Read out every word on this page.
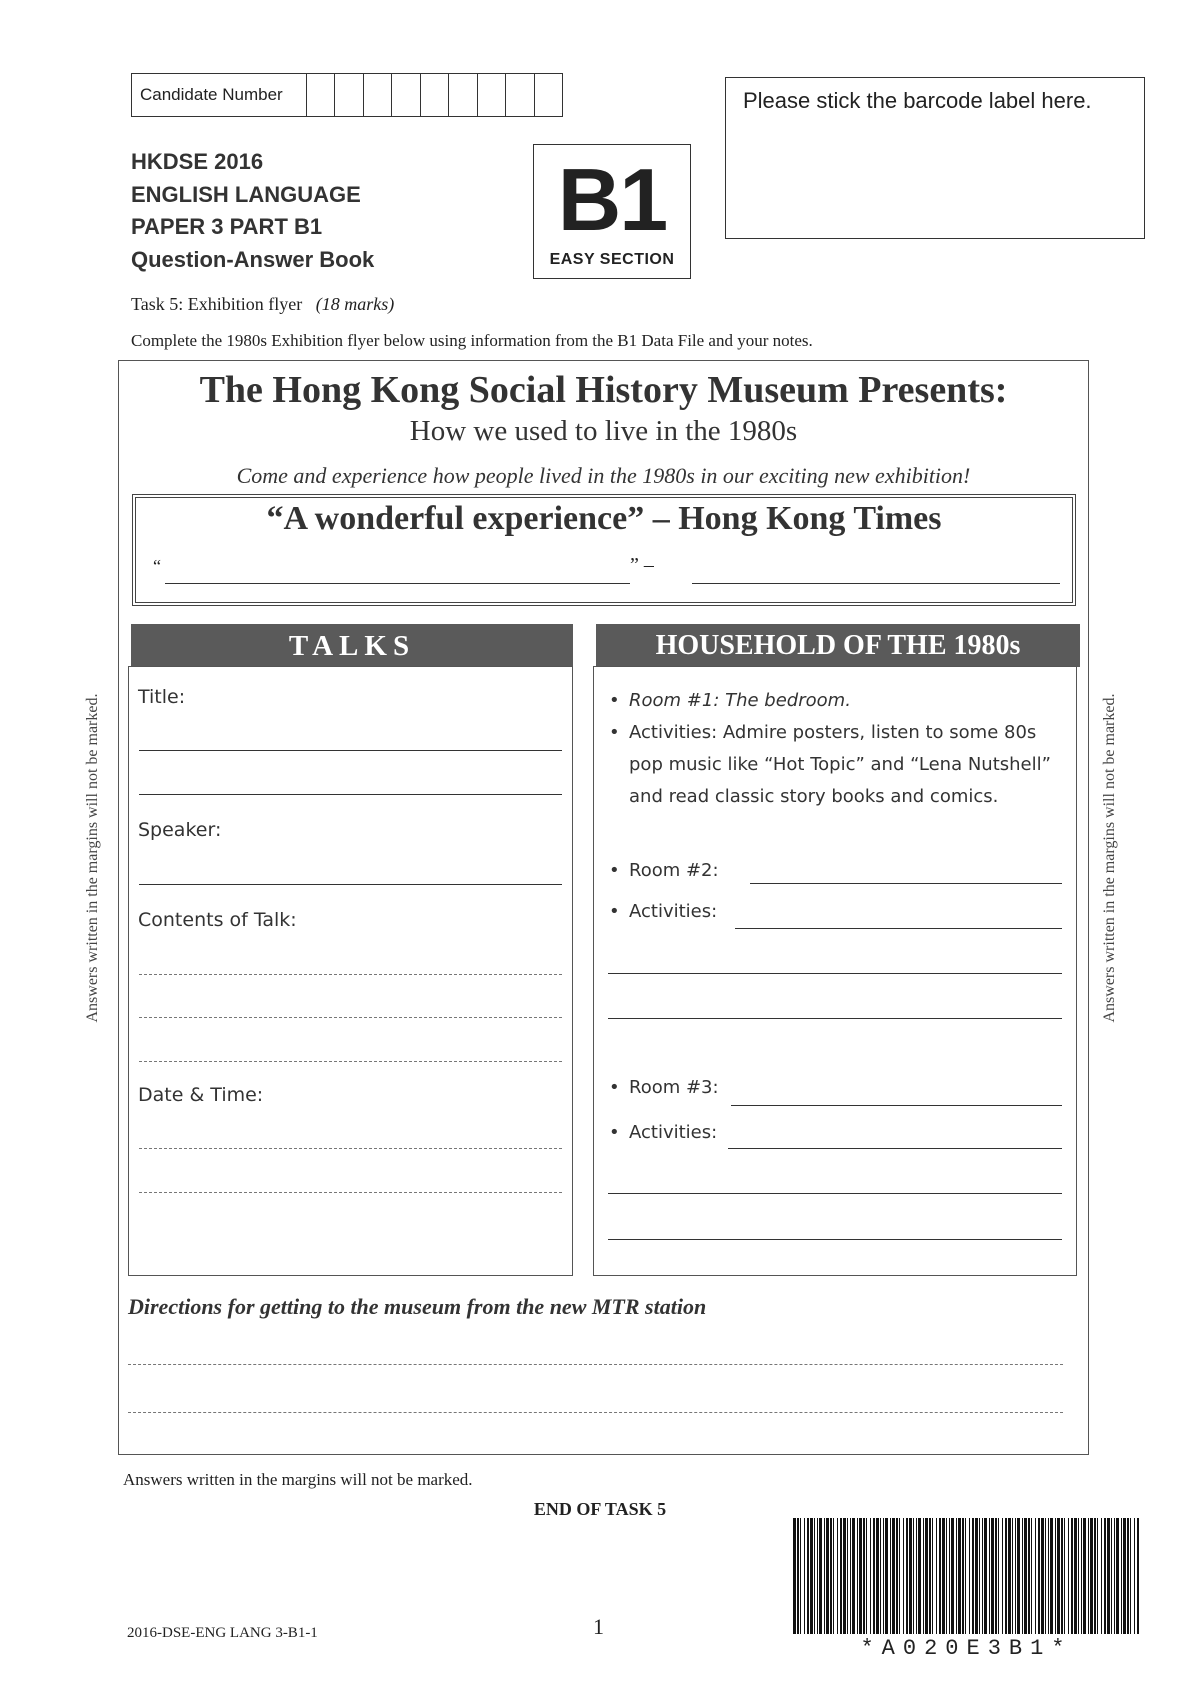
Candidate Number	Please stick the barcode label here.
HKDSE 2016
ENGLISH LANGUAGE
PAPER 3 PART B1
Question-Answer Book
B1
EASY SECTION
Task 5: Exhibition flyer (18 marks)
Complete the 1980s Exhibition flyer below using information from the B1 Data File and your notes.
The Hong Kong Social History Museum Presents:
How we used to live in the 1980s
Come and experience how people lived in the 1980s in our exciting new exhibition!
“A wonderful experience” – Hong Kong Times
“	” –
TALKS
Title:
Speaker:
Contents of Talk:
Date & Time:
HOUSEHOLD OF THE 1980s
• Room #1: The bedroom.
• Activities: Admire posters, listen to some 80s
pop music like “Hot Topic” and “Lena Nutshell”
and read classic story books and comics.
• Room #2:
• Activities:
• Room #3:
• Activities:
Directions for getting to the museum from the new MTR station
Answers written in the margins will not be marked.	Answers written in the margins will not be marked.
Answers written in the margins will not be marked.
END OF TASK 5
2016-DSE-ENG LANG 3-B1-1	1
*A020E3B1*
